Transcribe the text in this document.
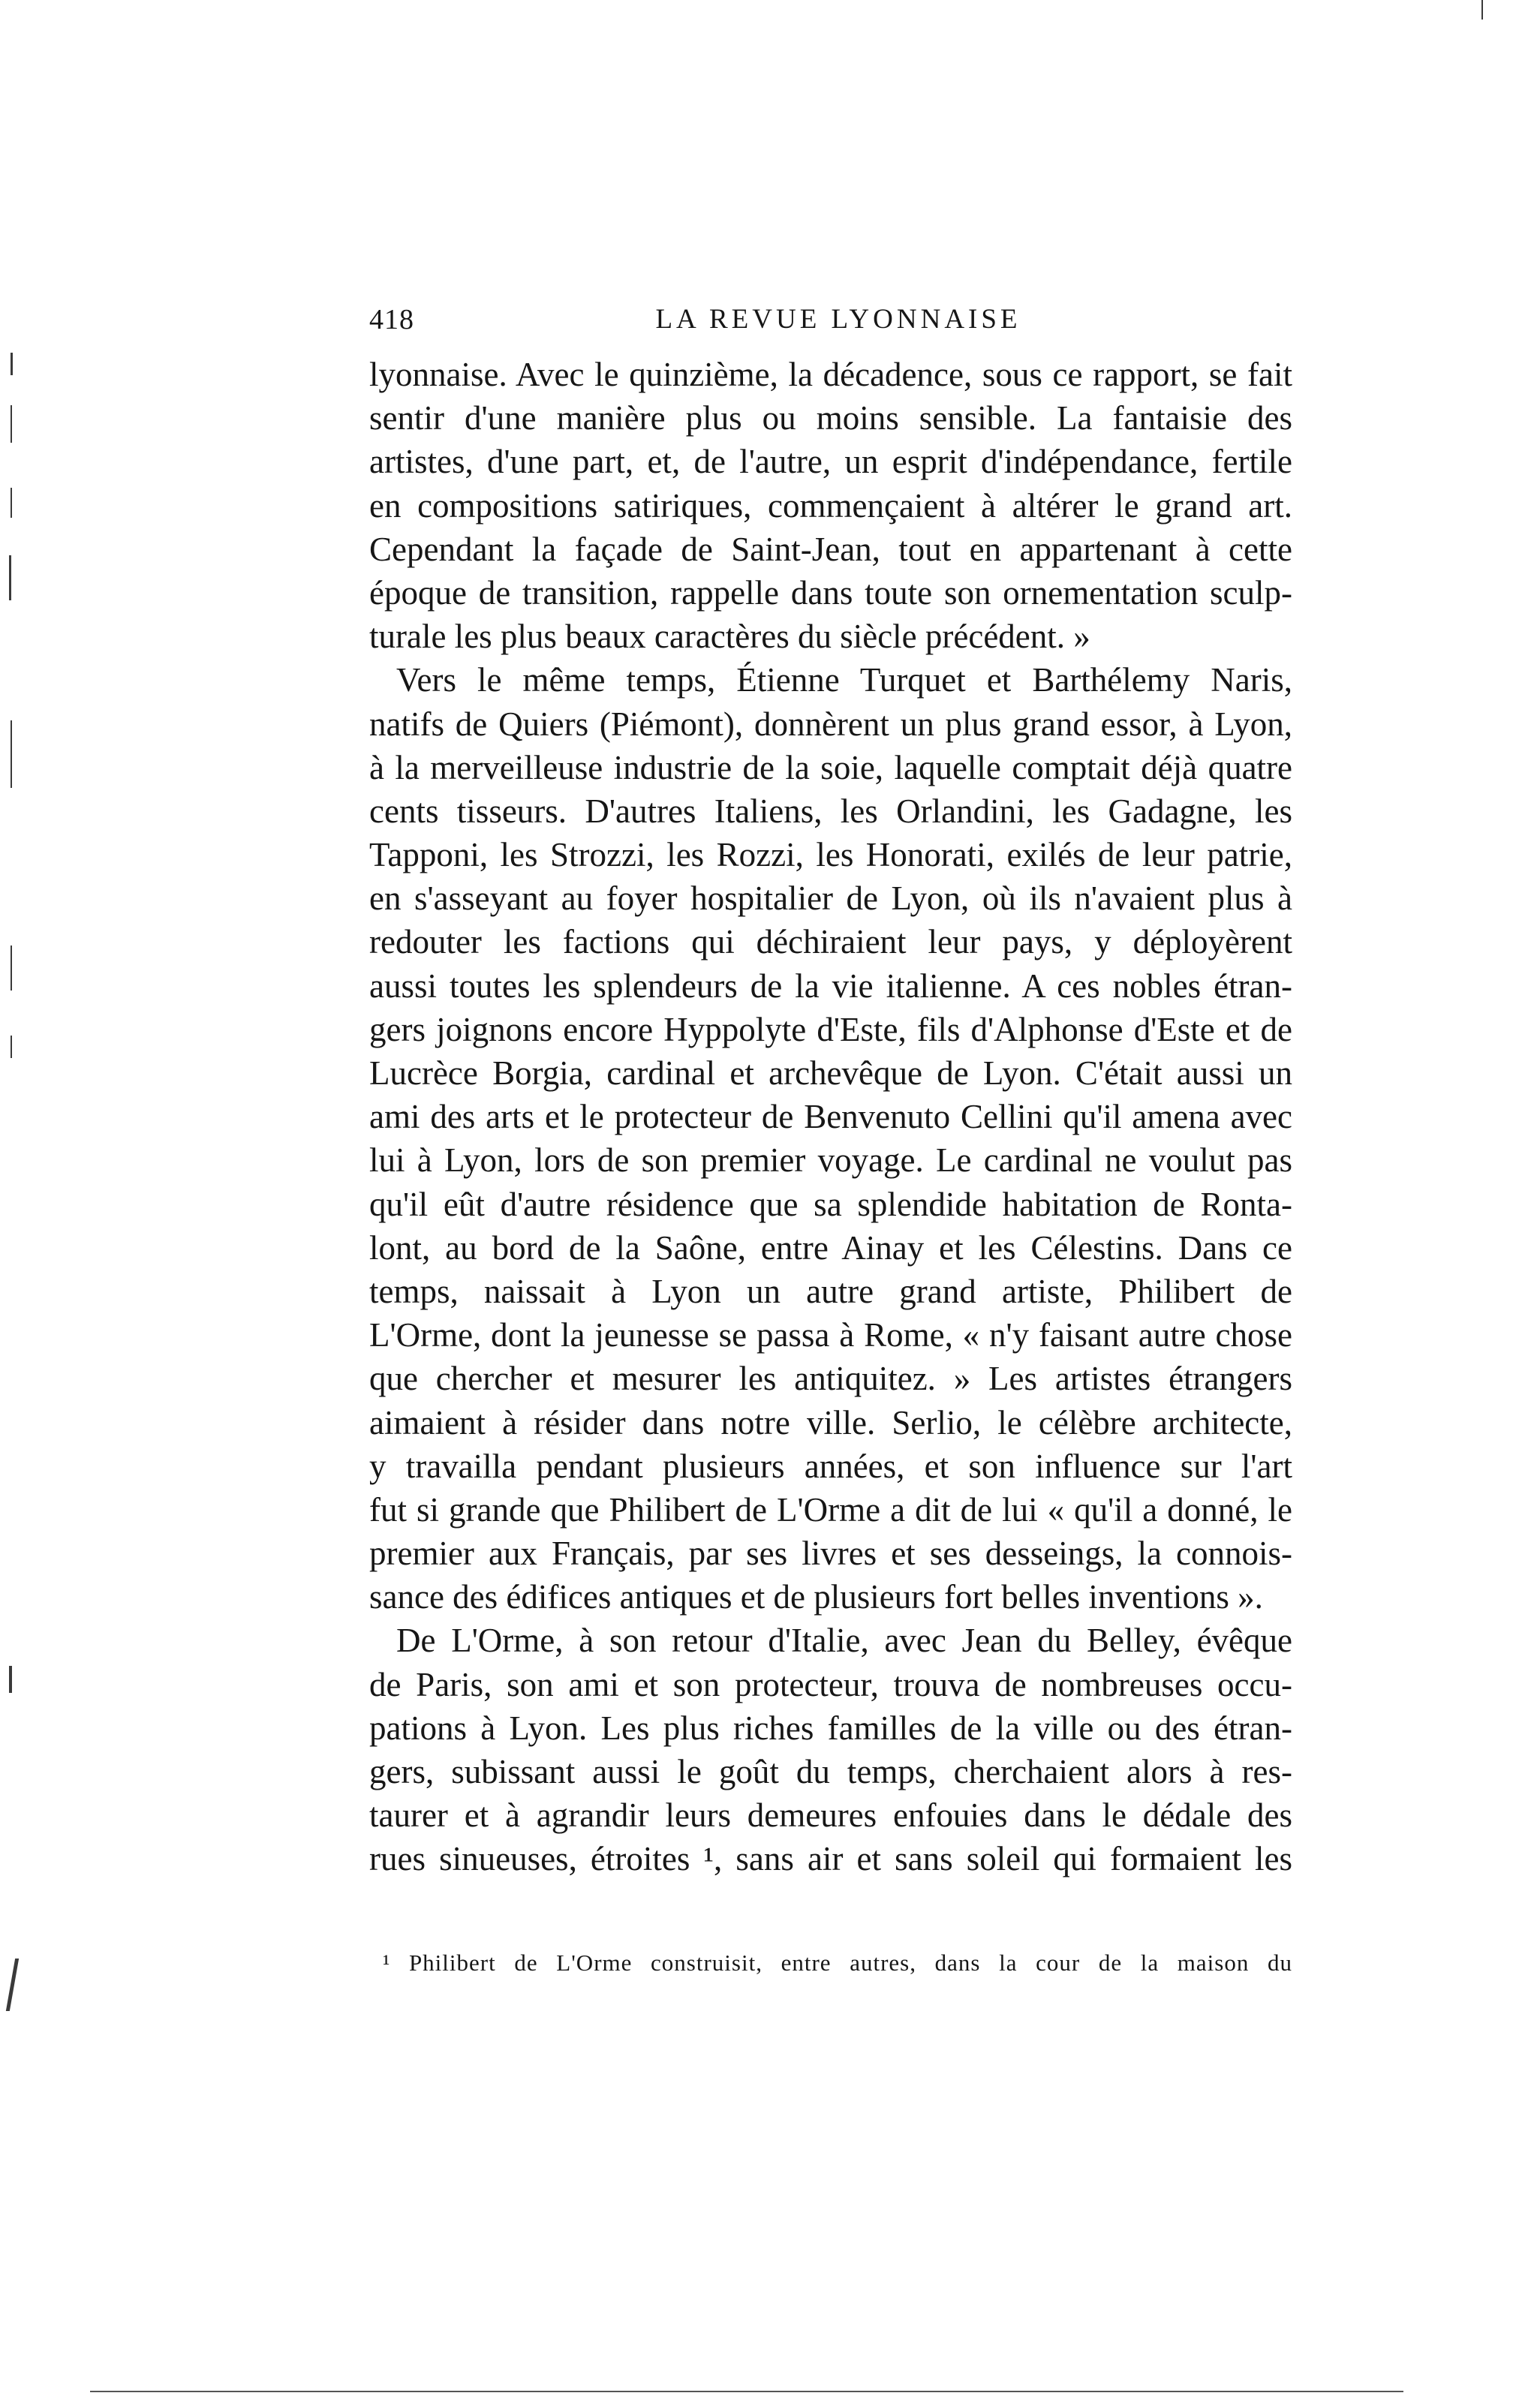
418	LA REVUE LYONNAISE
lyonnaise. Avec le quinzième, la décadence, sous ce rapport, se fait
sentir d'une manière plus ou moins sensible. La fantaisie des
artistes, d'une part, et, de l'autre, un esprit d'indépendance, fertile
en compositions satiriques, commençaient à altérer le grand art.
Cependant la façade de Saint-Jean, tout en appartenant à cette
époque de transition, rappelle dans toute son ornementation sculp-
turale les plus beaux caractères du siècle précédent. »
Vers le même temps, Étienne Turquet et Barthélemy Naris,
natifs de Quiers (Piémont), donnèrent un plus grand essor, à Lyon,
à la merveilleuse industrie de la soie, laquelle comptait déjà quatre
cents tisseurs. D'autres Italiens, les Orlandini, les Gadagne, les
Tapponi, les Strozzi, les Rozzi, les Honorati, exilés de leur patrie,
en s'asseyant au foyer hospitalier de Lyon, où ils n'avaient plus à
redouter les factions qui déchiraient leur pays, y déployèrent
aussi toutes les splendeurs de la vie italienne. A ces nobles étran-
gers joignons encore Hyppolyte d'Este, fils d'Alphonse d'Este et de
Lucrèce Borgia, cardinal et archevêque de Lyon. C'était aussi un
ami des arts et le protecteur de Benvenuto Cellini qu'il amena avec
lui à Lyon, lors de son premier voyage. Le cardinal ne voulut pas
qu'il eût d'autre résidence que sa splendide habitation de Ronta-
lont, au bord de la Saône, entre Ainay et les Célestins. Dans ce
temps, naissait à Lyon un autre grand artiste, Philibert de
L'Orme, dont la jeunesse se passa à Rome, « n'y faisant autre chose
que chercher et mesurer les antiquitez. » Les artistes étrangers
aimaient à résider dans notre ville. Serlio, le célèbre architecte,
y travailla pendant plusieurs années, et son influence sur l'art
fut si grande que Philibert de L'Orme a dit de lui « qu'il a donné, le
premier aux Français, par ses livres et ses desseings, la connois-
sance des édifices antiques et de plusieurs fort belles inventions ».
De L'Orme, à son retour d'Italie, avec Jean du Belley, évêque
de Paris, son ami et son protecteur, trouva de nombreuses occu-
pations à Lyon. Les plus riches familles de la ville ou des étran-
gers, subissant aussi le goût du temps, cherchaient alors à res-
taurer et à agrandir leurs demeures enfouies dans le dédale des
rues sinueuses, étroites ¹, sans air et sans soleil qui formaient les
¹ Philibert de L'Orme construisit, entre autres, dans la cour de la maison du
